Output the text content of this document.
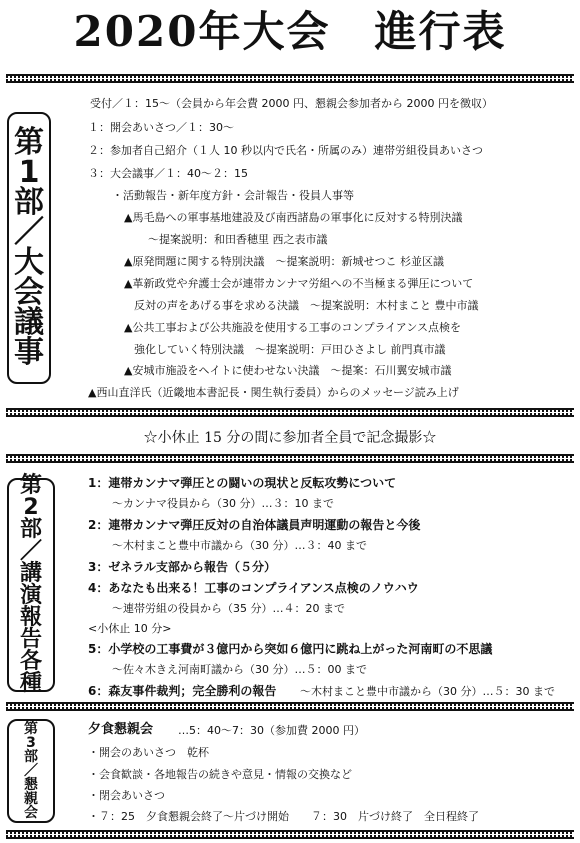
2020年大会　進行表
第
1
部
／
大
会
議
事
受付／１：15～（会員から年会費 2000 円、懇親会参加者から 2000 円を徴収）
１：開会あいさつ／１：30～
２：参加者自己紹介（１人 10 秒以内で氏名・所属のみ）連帯労組役員あいさつ
３：大会議事／１：40～２：15
・活動報告・新年度方針・会計報告・役員人事等
▲馬毛島への軍事基地建設及び南西諸島の軍事化に反対する特別決議
～提案説明：和田香穂里 西之表市議
▲原発問題に関する特別決議　～提案説明：新城せつこ 杉並区議
▲革新政党や弁護士会が連帯カンナマ労組への不当極まる弾圧について
反対の声をあげる事を求める決議　～提案説明：木村まこと 豊中市議
▲公共工事および公共施設を使用する工事のコンプライアンス点検を
強化していく特別決議　～提案説明：戸田ひさよし 前門真市議
▲安城市施設をヘイトに使わせない決議　～提案：石川翼安城市議
▲西山直洋氏（近畿地本書記長・関生執行委員）からのメッセージ読み上げ
☆小休止 15 分の間に参加者全員で記念撮影☆
第
2
部
／
講
演
報
告
各
種
1：連帯カンナマ弾圧との闘いの現状と反転攻勢について
～カンナマ役員から（30 分）…３：10 まで
2：連帯カンナマ弾圧反対の自治体議員声明運動の報告と今後
～木村まこと豊中市議から（30 分）…３：40 まで
3：ゼネラル支部から報告（５分）
4：あなたも出来る！工事のコンプライアンス点検のノウハウ
～連帯労組の役員から（35 分）…４：20 まで
<小休止 10 分>
5：小学校の工事費が３億円から突如６億円に跳ね上がった河南町の不思議
～佐々木きえ河南町議から（30 分）…５：00 まで
6：森友事件裁判；完全勝利の報告 ～木村まこと豊中市議から（30 分）…５：30 まで
第
3
部
／
懇
親
会
夕食懇親会 …5：40～7：30（参加費 2000 円）
・開会のあいさつ　乾杯
・会食歓談・各地報告の続きや意見・情報の交換など
・閉会あいさつ
・７：25　夕食懇親会終了～片づけ開始　　７：30　片づけ終了　全日程終了
